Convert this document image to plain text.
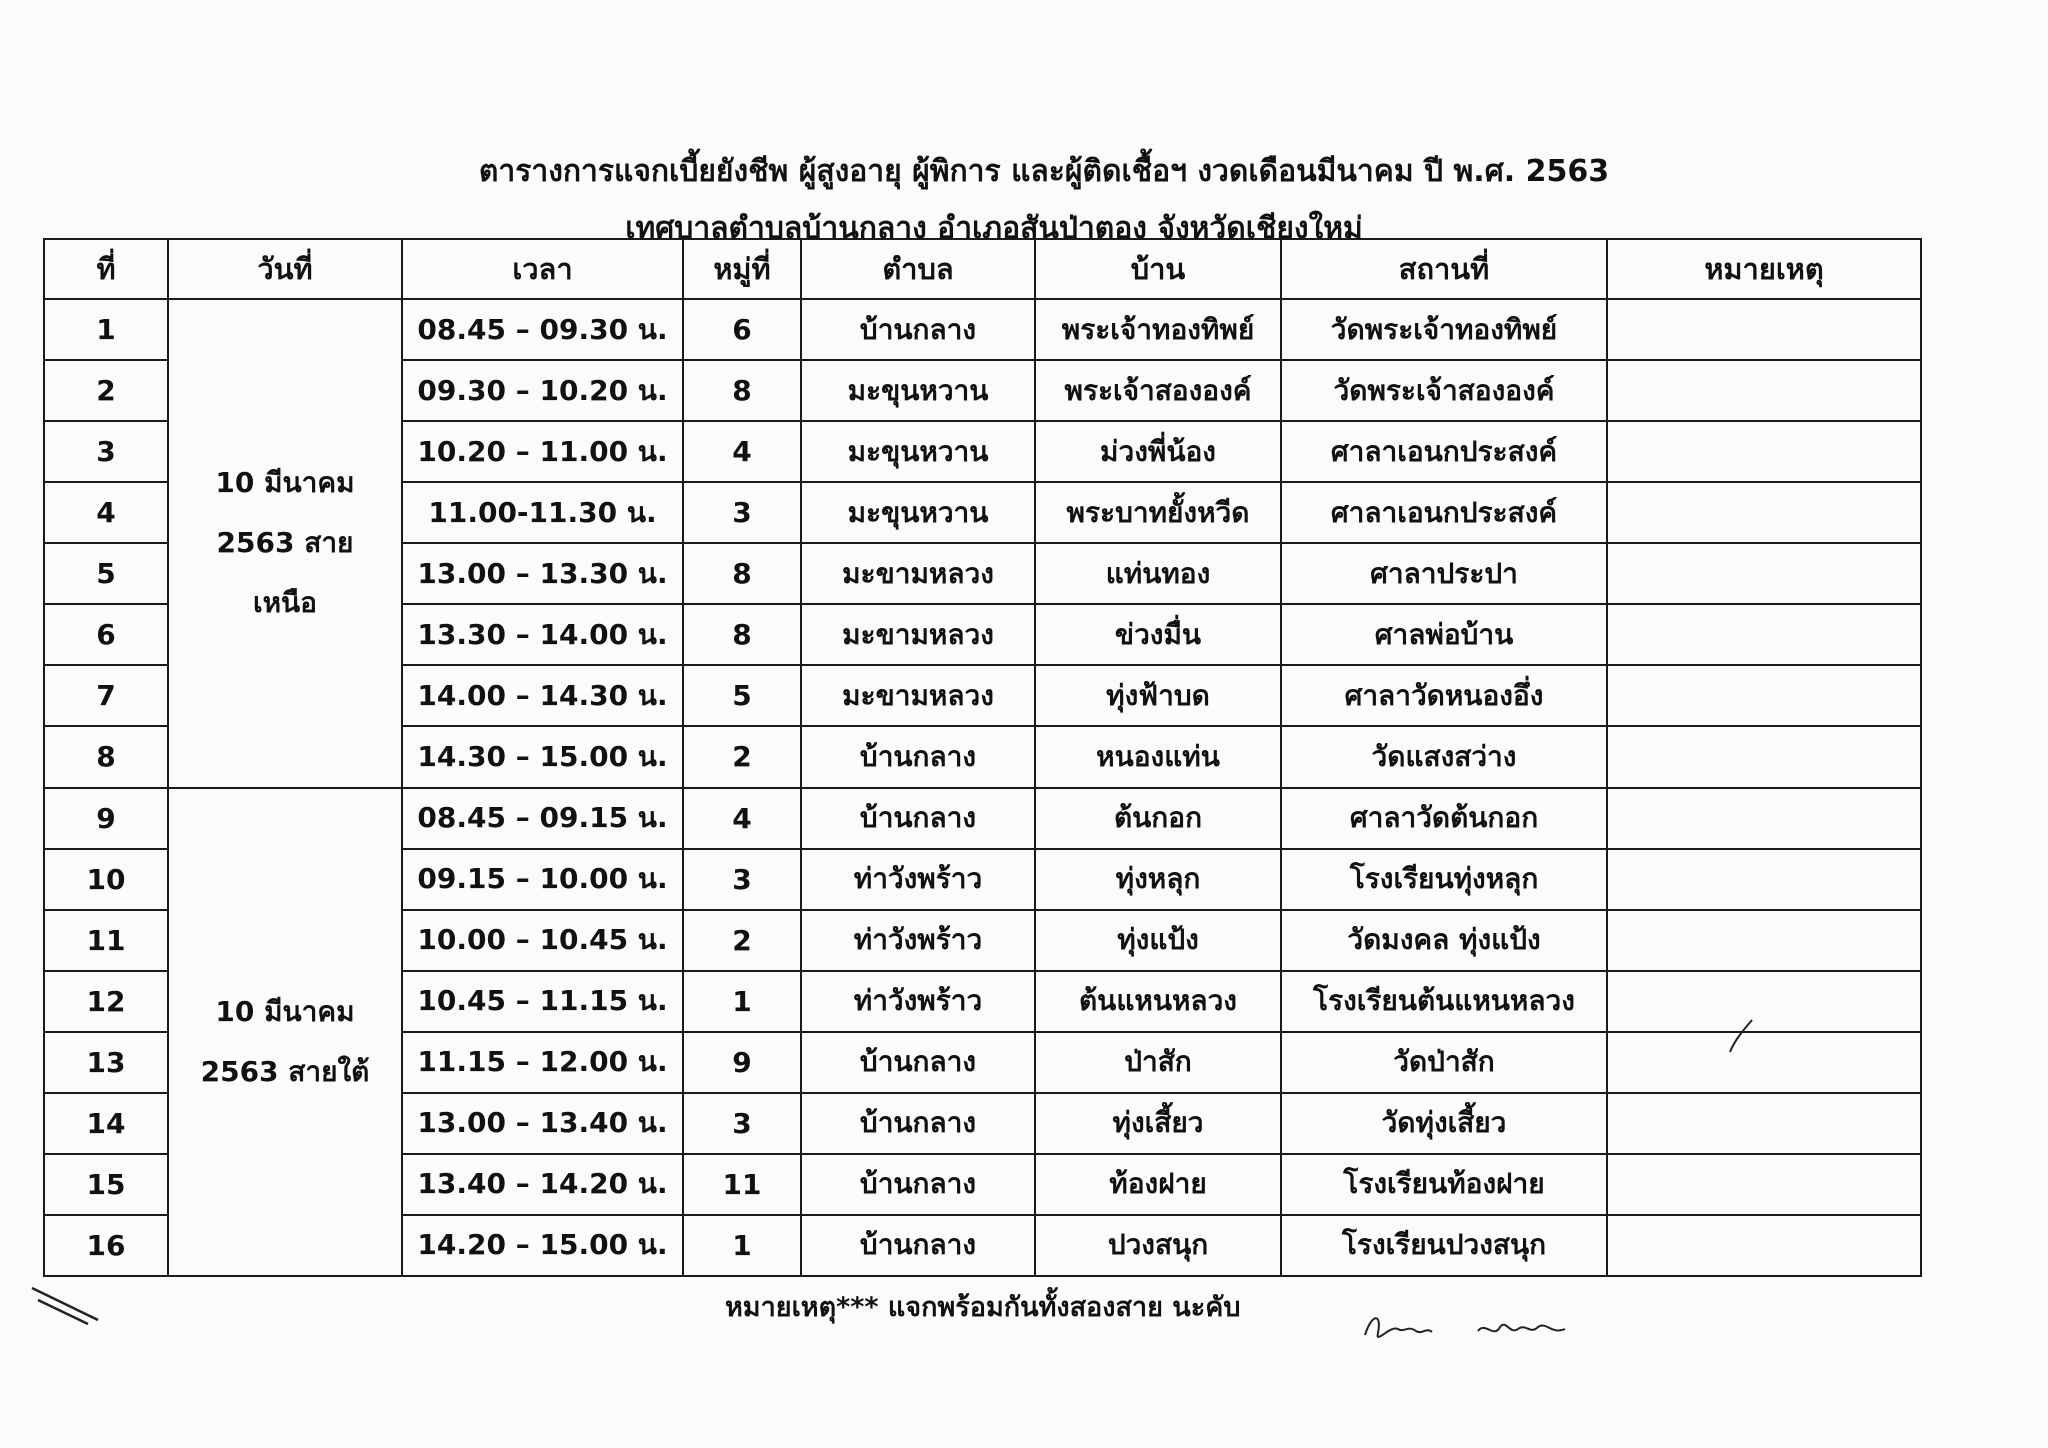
ตารางการแจกเบี้ยยังชีพ ผู้สูงอายุ ผู้พิการ และผู้ติดเชื้อฯ งวดเดือนมีนาคม ปี พ.ศ. 2563
เทศบาลตำบลบ้านกลาง อำเภอสันป่าตอง จังหวัดเชียงใหม่
ที่	วันที่	เวลา	หมู่ที่	ตำบล	บ้าน	สถานที่	หมายเหตุ
1	10 มีนาคม 2563 สายเหนือ	08.45 – 09.30 น.	6	บ้านกลาง	พระเจ้าทองทิพย์	วัดพระเจ้าทองทิพย์	
2		09.30 – 10.20 น.	8	มะขุนหวาน	พระเจ้าสององค์	วัดพระเจ้าสององค์	
3		10.20 – 11.00 น.	4	มะขุนหวาน	ม่วงพี่น้อง	ศาลาเอนกประสงค์	
4		11.00-11.30 น.	3	มะขุนหวาน	พระบาทยั้งหวีด	ศาลาเอนกประสงค์	
5		13.00 – 13.30 น.	8	มะขามหลวง	แท่นทอง	ศาลาประปา	
6		13.30 – 14.00 น.	8	มะขามหลวง	ข่วงมื่น	ศาลพ่อบ้าน	
7		14.00 – 14.30 น.	5	มะขามหลวง	ทุ่งฟ้าบด	ศาลาวัดหนองอึ่ง	
8		14.30 – 15.00 น.	2	บ้านกลาง	หนองแท่น	วัดแสงสว่าง	
9	10 มีนาคม 2563 สายใต้	08.45 – 09.15 น.	4	บ้านกลาง	ต้นกอก	ศาลาวัดต้นกอก	
10		09.15 – 10.00 น.	3	ท่าวังพร้าว	ทุ่งหลุก	โรงเรียนทุ่งหลุก	
11		10.00 – 10.45 น.	2	ท่าวังพร้าว	ทุ่งแป้ง	วัดมงคล ทุ่งแป้ง	
12		10.45 – 11.15 น.	1	ท่าวังพร้าว	ต้นแหนหลวง	โรงเรียนต้นแหนหลวง	
13		11.15 – 12.00 น.	9	บ้านกลาง	ป่าสัก	วัดป่าสัก	
14		13.00 – 13.40 น.	3	บ้านกลาง	ทุ่งเสี้ยว	วัดทุ่งเสี้ยว	
15		13.40 – 14.20 น.	11	บ้านกลาง	ท้องฝาย	โรงเรียนท้องฝาย	
16		14.20 – 15.00 น.	1	บ้านกลาง	ปวงสนุก	โรงเรียนปวงสนุก	
หมายเหตุ*** แจกพร้อมกันทั้งสองสาย นะคับ
